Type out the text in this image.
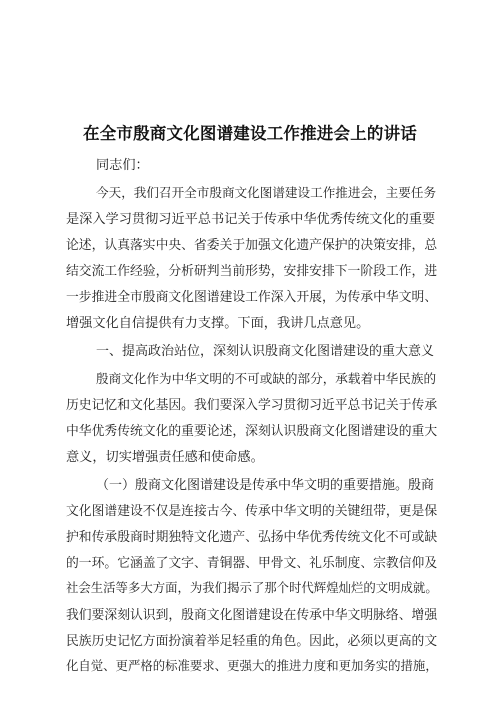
在全市殷商文化图谱建设工作推进会上的讲话
同志们：
今天，我们召开全市殷商文化图谱建设工作推进会，主要任务
是深入学习贯彻习近平总书记关于传承中华优秀传统文化的重要
论述，认真落实中央、省委关于加强文化遗产保护的决策安排，总
结交流工作经验，分析研判当前形势，安排安排下一阶段工作，进
一步推进全市殷商文化图谱建设工作深入开展，为传承中华文明、
增强文化自信提供有力支撑。下面，我讲几点意见。
一、提高政治站位，深刻认识殷商文化图谱建设的重大意义
殷商文化作为中华文明的不可或缺的部分，承载着中华民族的
历史记忆和文化基因。我们要深入学习贯彻习近平总书记关于传承
中华优秀传统文化的重要论述，深刻认识殷商文化图谱建设的重大
意义，切实增强责任感和使命感。
（一）殷商文化图谱建设是传承中华文明的重要措施。殷商
文化图谱建设不仅是连接古今、传承中华文明的关键纽带，更是保
护和传承殷商时期独特文化遗产、弘扬中华优秀传统文化不可或缺
的一环。它涵盖了文字、青铜器、甲骨文、礼乐制度、宗教信仰及
社会生活等多大方面，为我们揭示了那个时代辉煌灿烂的文明成就。
我们要深刻认识到，殷商文化图谱建设在传承中华文明脉络、增强
民族历史记忆方面扮演着举足轻重的角色。因此，必须以更高的文
化自觉、更严格的标准要求、更强大的推进力度和更加务实的措施，
